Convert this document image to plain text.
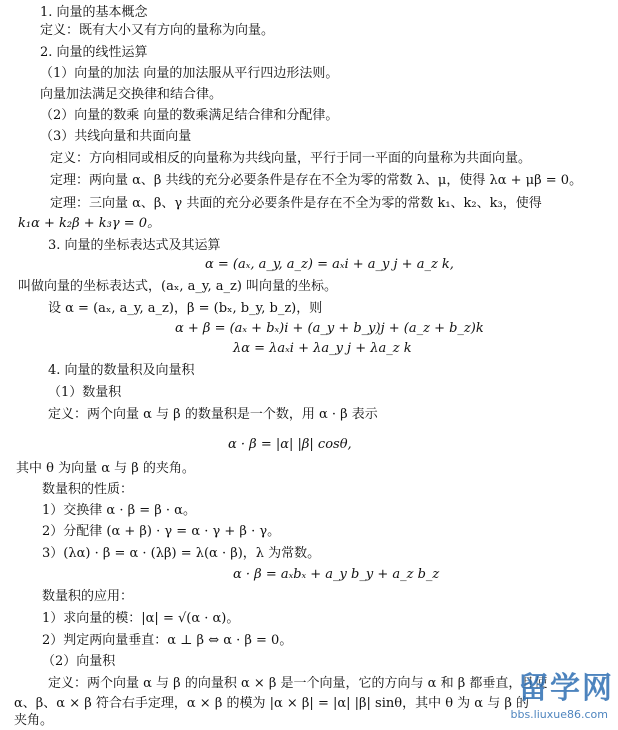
1. 向量的基本概念
定义：既有大小又有方向的量称为向量。
2. 向量的线性运算
（1）向量的加法 向量的加法服从平行四边形法则。
向量加法满足交换律和结合律。
（2）向量的数乘 向量的数乘满足结合律和分配律。
（3）共线向量和共面向量
定义：方向相同或相反的向量称为共线向量，平行于同一平面的向量称为共面向量。
定理：两向量 α、β 共线的充分必要条件是存在不全为零的常数 λ、μ，使得 λα + μβ = 0。
定理：三向量 α、β、γ 共面的充分必要条件是存在不全为零的常数 k₁、k₂、k₃，使得
k₁α + k₂β + k₃γ = 0。
3. 向量的坐标表达式及其运算
α = (aₓ, a_y, a_z) = aₓi + a_y j + a_z k,
叫做向量的坐标表达式，(aₓ, a_y, a_z) 叫向量的坐标。
设 α = (aₓ, a_y, a_z)，β = (bₓ, b_y, b_z)，则
α + β = (aₓ + bₓ)i + (a_y + b_y)j + (a_z + b_z)k
λα = λaₓi + λa_y j + λa_z k
4. 向量的数量积及向量积
（1）数量积
定义：两个向量 α 与 β 的数量积是一个数，用 α · β 表示
α · β = |α| |β| cosθ,
其中 θ 为向量 α 与 β 的夹角。
数量积的性质：
1）交换律 α · β = β · α。
2）分配律 (α + β) · γ = α · γ + β · γ。
3）(λα) · β = α · (λβ) = λ(α · β)，λ 为常数。
α · β = aₓbₓ + a_y b_y + a_z b_z
数量积的应用：
1）求向量的模：|α| = √(α · α)。
2）判定两向量垂直：α ⊥ β ⇔ α · β = 0。
（2）向量积
定义：两个向量 α 与 β 的向量积 α × β 是一个向量，它的方向与 α 和 β 都垂直，且使
α、β、α × β 符合右手定理，α × β 的模为 |α × β| = |α| |β| sinθ，其中 θ 为 α 与 β 的
夹角。
留学网
bbs.liuxue86.com
